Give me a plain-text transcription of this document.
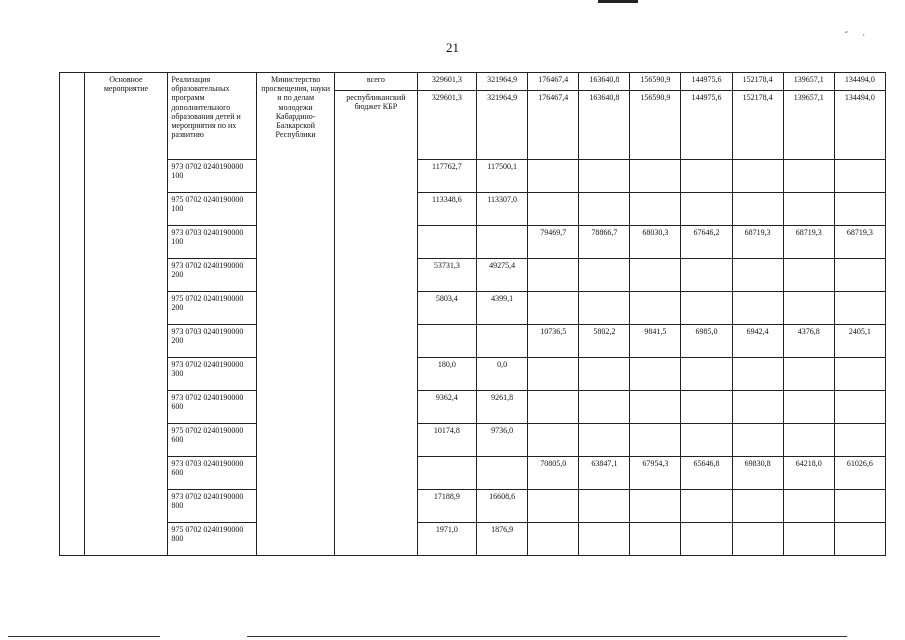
˝ ·
21
	Основное мероприятие	Реализация образовательных программ дополнительного образования детей и мероприятия по их развитию	Министерство просвещения, науки и по делам молодежи Кабардино-Балкарской Республики	всего	329601,3	321964,9	176467,4	163640,8	156590,9	144975,6	152178,4	139657,1	134494,0
				республиканский бюджет КБР	329601,3	321964,9	176467,4	163640,8	156590,9	144975,6	152178,4	139657,1	134494,0
		973 0702 0240190000 100			117762,7	117500,1							
		975 0702 0240190000 100			113348,6	113307,0							
		973 0703 0240190000 100					79469,7	78866,7	68030,3	67646,2	68719,3	68719,3	68719,3
		973 0702 0240190000 200			53731,3	49275,4							
		975 0702 0240190000 200			5803,4	4399,1							
		973 0703 0240190000 200					10736,5	5802,2	9841,5	6985,0	6942,4	4376,8	2405,1
		973 0702 0240190000 300			180,0	0,0							
		973 0702 0240190000 600			9362,4	9261,8							
		975 0702 0240190000 600			10174,8	9736,0							
		973 0703 0240190000 600					70805,0	63847,1	67954,3	65646,8	69830,8	64218,0	61026,6
		973 0702 0240190000 800			17188,9	16608,6							
		975 0702 0240190000 800			1971,0	1876,9							
